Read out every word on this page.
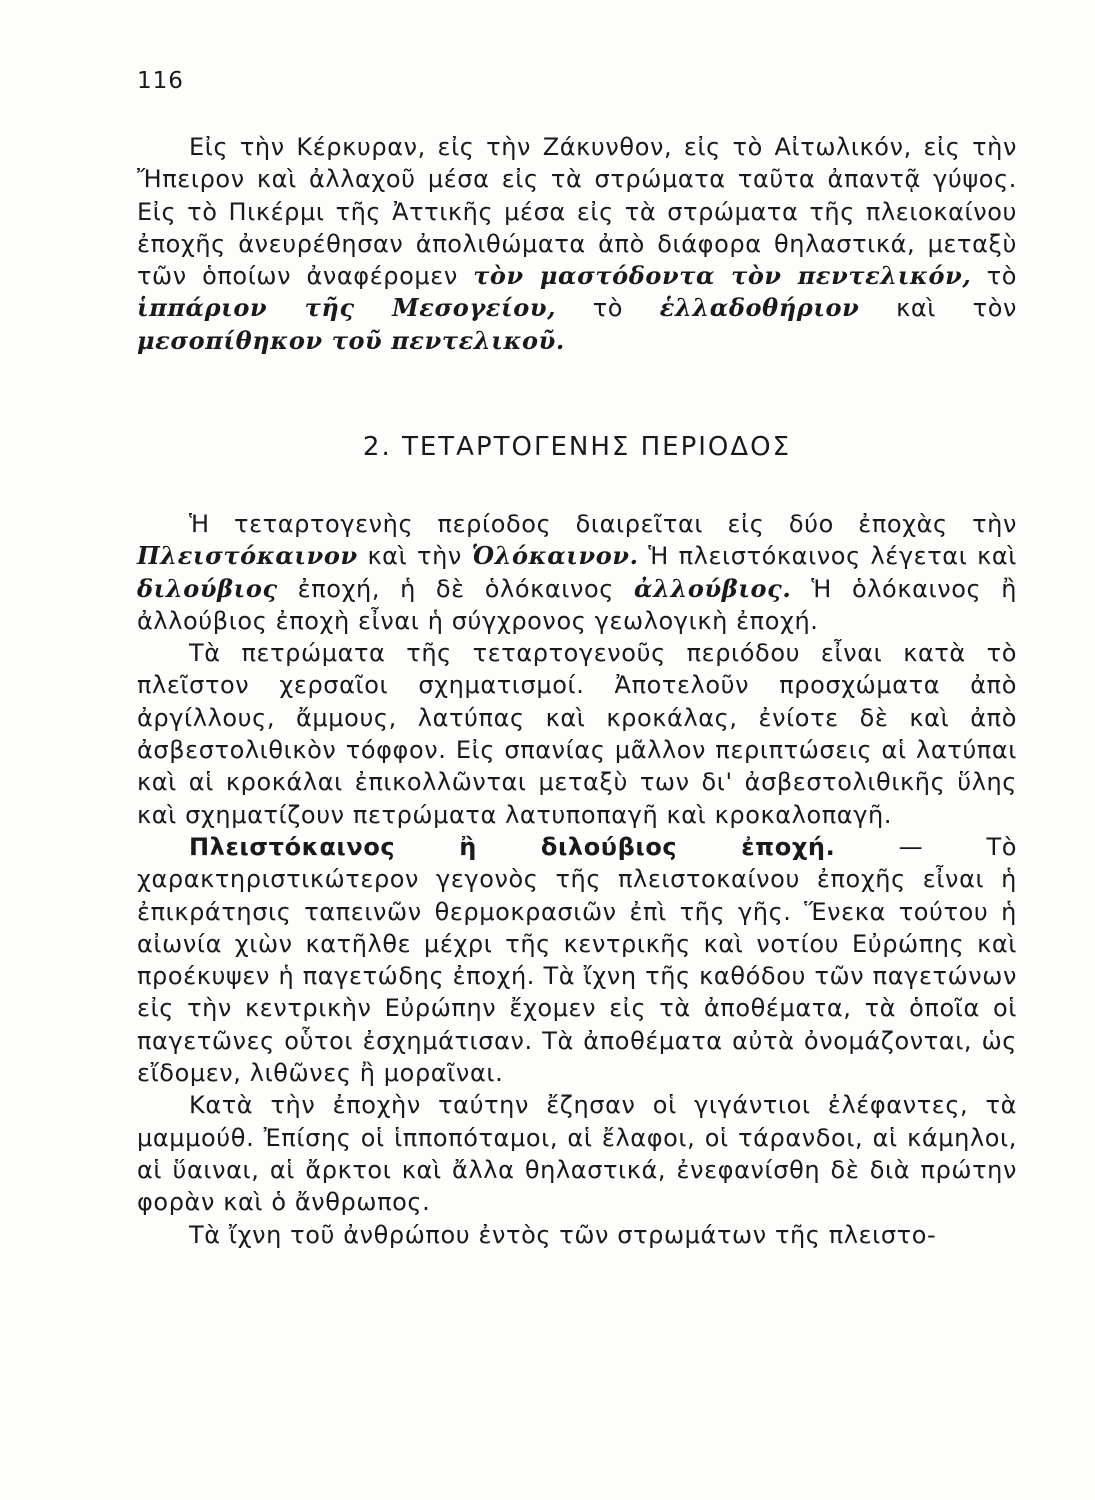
116

Εἰς τὴν Κέρκυραν, εἰς τὴν Ζάκυνθον, εἰς τὸ Αἰτωλικόν, εἰς τὴν Ἤπειρον καὶ ἀλλαχοῦ μέσα εἰς τὰ στρώματα ταῦτα ἀπαντᾷ γύψος. Εἰς τὸ Πικέρμι τῆς Ἀττικῆς μέσα εἰς τὰ στρώματα τῆς πλειοκαίνου ἐποχῆς ἀνευρέθησαν ἀπολιθώματα ἀπὸ διάφορα θηλαστικά, μεταξὺ τῶν ὁποίων ἀναφέρομεν τὸν μαστόδοντα τὸν πεντελικόν, τὸ ἱππάριον τῆς Μεσογείου, τὸ ἑλλαδοθήριον καὶ τὸν μεσοπίθηκον τοῦ πεντελικοῦ.

2. ΤΕΤΑΡΤΟΓΕΝΗΣ ΠΕΡΙΟΔΟΣ

Ἡ τεταρτογενὴς περίοδος διαιρεῖται εἰς δύο ἐποχὰς τὴν Πλειστόκαινον καὶ τὴν Ὁλόκαινον. Ἡ πλειστόκαινος λέγεται καὶ διλούβιος ἐποχή, ἡ δὲ ὁλόκαινος ἀλλούβιος. Ἡ ὁλόκαινος ἢ ἀλλούβιος ἐποχὴ εἶναι ἡ σύγχρονος γεωλογικὴ ἐποχή.

Τὰ πετρώματα τῆς τεταρτογενοῦς περιόδου εἶναι κατὰ τὸ πλεῖστον χερσαῖοι σχηματισμοί. Ἀποτελοῦν προσχώματα ἀπὸ ἀργίλλους, ἄμμους, λατύπας καὶ κροκάλας, ἐνίοτε δὲ καὶ ἀπὸ ἀσβεστολιθικὸν τόφφον. Εἰς σπανίας μᾶλλον περιπτώσεις αἱ λατύπαι καὶ αἱ κροκάλαι ἐπικολλῶνται μεταξὺ των δι' ἀσβεστολιθικῆς ὕλης καὶ σχηματίζουν πετρώματα λατυποπαγῆ καὶ κροκαλοπαγῆ.

Πλειστόκαινος ἢ διλούβιος ἐποχή. — Τὸ χαρακτηριστικώτερον γεγονὸς τῆς πλειστοκαίνου ἐποχῆς εἶναι ἡ ἐπικράτησις ταπεινῶν θερμοκρασιῶν ἐπὶ τῆς γῆς. Ἕνεκα τούτου ἡ αἰωνία χιὼν κατῆλθε μέχρι τῆς κεντρικῆς καὶ νοτίου Εὐρώπης καὶ προέκυψεν ἡ παγετώδης ἐποχή. Τὰ ἴχνη τῆς καθόδου τῶν παγετώνων εἰς τὴν κεντρικὴν Εὐρώπην ἔχομεν εἰς τὰ ἀποθέματα, τὰ ὁποῖα οἱ παγετῶνες οὗτοι ἐσχημάτισαν. Τὰ ἀποθέματα αὐτὰ ὀνομάζονται, ὡς εἴδομεν, λιθῶνες ἢ μοραῖναι.

Κατὰ τὴν ἐποχὴν ταύτην ἔζησαν οἱ γιγάντιοι ἐλέφαντες, τὰ μαμμούθ. Ἐπίσης οἱ ἱπποπόταμοι, αἱ ἔλαφοι, οἱ τάρανδοι, αἱ κάμηλοι, αἱ ὕαιναι, αἱ ἄρκτοι καὶ ἄλλα θηλαστικά, ἐνεφανίσθη δὲ διὰ πρώτην φορὰν καὶ ὁ ἄνθρωπος.

Τὰ ἴχνη τοῦ ἀνθρώπου ἐντὸς τῶν στρωμάτων τῆς πλειστο-
